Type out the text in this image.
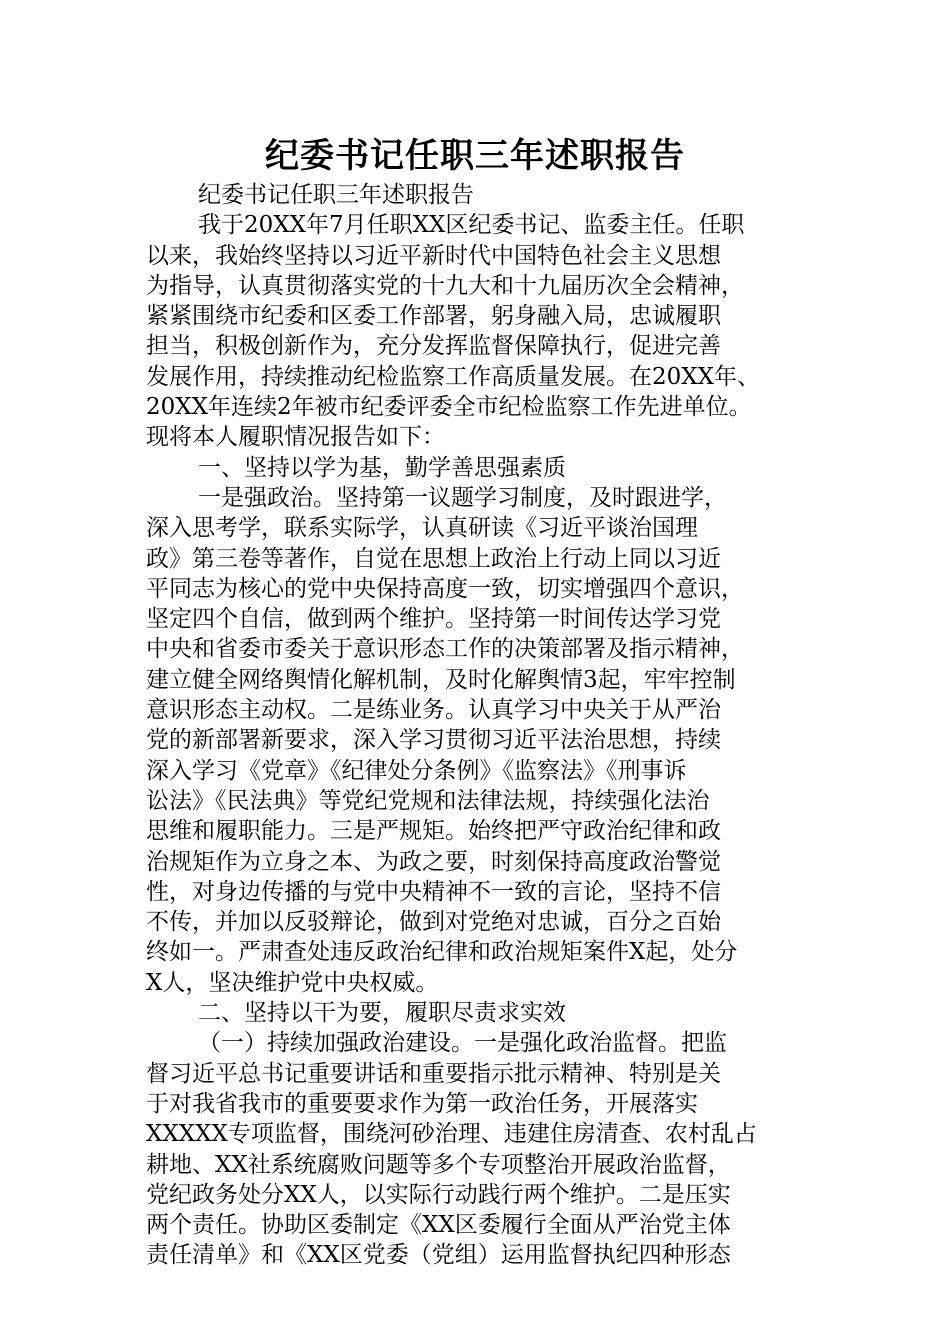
纪委书记任职三年述职报告
纪委书记任职三年述职报告
我于20XX年7月任职XX区纪委书记、监委主任。任职
以来，我始终坚持以习近平新时代中国特色社会主义思想
为指导，认真贯彻落实党的十九大和十九届历次全会精神，
紧紧围绕市纪委和区委工作部署，躬身融入局，忠诚履职
担当，积极创新作为，充分发挥监督保障执行，促进完善
发展作用，持续推动纪检监察工作高质量发展。在20XX年、
20XX年连续2年被市纪委评委全市纪检监察工作先进单位。
现将本人履职情况报告如下：
一、坚持以学为基，勤学善思强素质
一是强政治。坚持第一议题学习制度，及时跟进学，
深入思考学，联系实际学，认真研读《习近平谈治国理
政》第三卷等著作，自觉在思想上政治上行动上同以习近
平同志为核心的党中央保持高度一致，切实增强四个意识，
坚定四个自信，做到两个维护。坚持第一时间传达学习党
中央和省委市委关于意识形态工作的决策部署及指示精神，
建立健全网络舆情化解机制，及时化解舆情3起，牢牢控制
意识形态主动权。二是练业务。认真学习中央关于从严治
党的新部署新要求，深入学习贯彻习近平法治思想，持续
深入学习《党章》《纪律处分条例》《监察法》《刑事诉
讼法》《民法典》等党纪党规和法律法规，持续强化法治
思维和履职能力。三是严规矩。始终把严守政治纪律和政
治规矩作为立身之本、为政之要，时刻保持高度政治警觉
性，对身边传播的与党中央精神不一致的言论，坚持不信
不传，并加以反驳辩论，做到对党绝对忠诚，百分之百始
终如一。严肃查处违反政治纪律和政治规矩案件X起，处分
X人，坚决维护党中央权威。
二、坚持以干为要，履职尽责求实效
（一）持续加强政治建设。一是强化政治监督。把监
督习近平总书记重要讲话和重要指示批示精神、特别是关
于对我省我市的重要要求作为第一政治任务，开展落实
XXXXX专项监督，围绕河砂治理、违建住房清查、农村乱占
耕地、XX社系统腐败问题等多个专项整治开展政治监督，
党纪政务处分XX人，以实际行动践行两个维护。二是压实
两个责任。协助区委制定《XX区委履行全面从严治党主体
责任清单》和《XX区党委（党组）运用监督执纪四种形态
